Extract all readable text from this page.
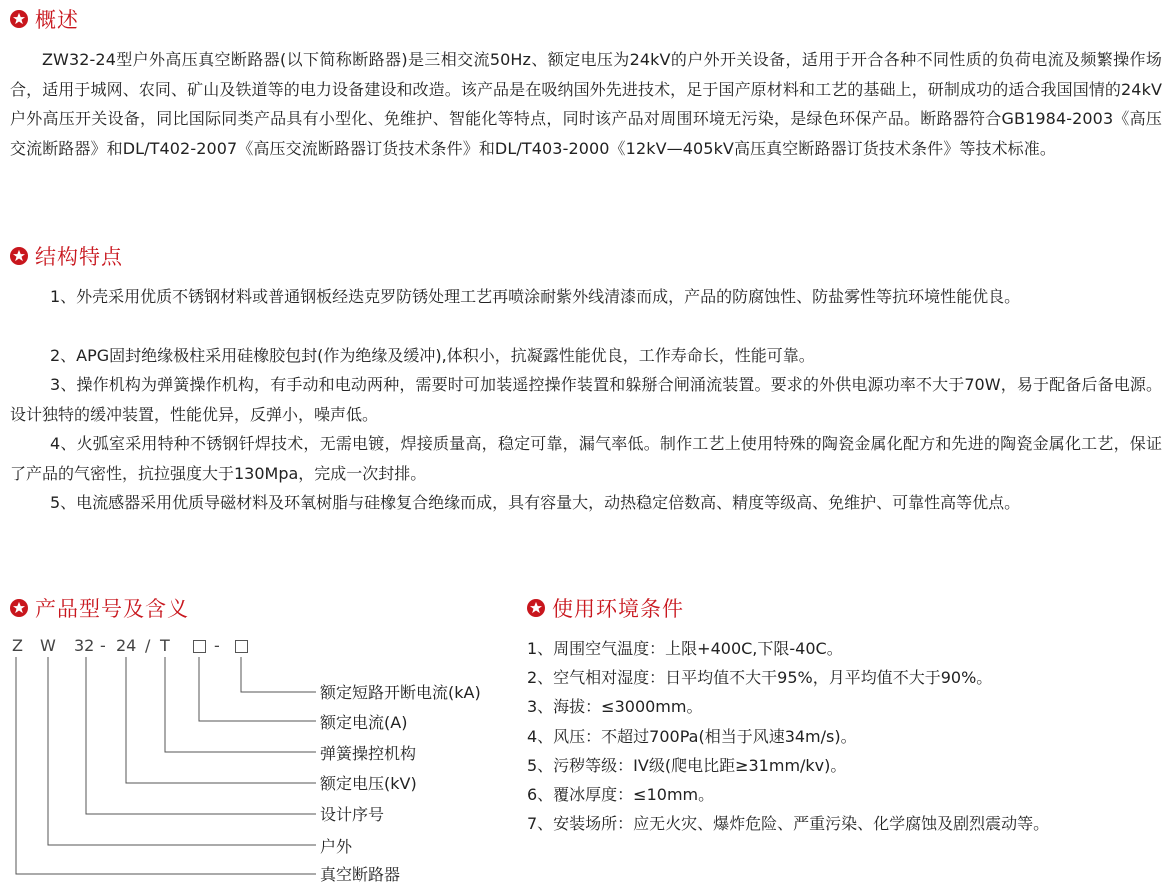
概述

ZW32-24型户外高压真空断路器(以下简称断路器)是三相交流50Hz、额定电压为24kV的户外开关设备，适用于开合各种不同性质的负荷电流及频繁操作场合，适用于城网、农同、矿山及铁道等的电力设备建设和改造。该产品是在吸纳国外先进技术，足于国产原材料和工艺的基础上，研制成功的适合我国国情的24kV户外高压开关设备，同比国际同类产品具有小型化、免维护、智能化等特点，同时该产品对周围环境无污染，是绿色环保产品。断路器符合GB1984-2003《高压交流断路器》和DL/T402-2007《高压交流断路器订货技术条件》和DL/T403-2000《12kV—405kV高压真空断路器订货技术条件》等技术标准。

结构特点

1、外壳采用优质不锈钢材料或普通钢板经迭克罗防锈处理工艺再喷涂耐紫外线清漆而成，产品的防腐蚀性、防盐雾性等抗环境性能优良。

2、APG固封绝缘极柱采用硅橡胶包封(作为绝缘及缓冲),体积小，抗凝露性能优良，工作寿命长，性能可靠。

3、操作机构为弹簧操作机构，有手动和电动两种，需要时可加装遥控操作装置和躲掰合闸涌流装置。要求的外供电源功率不大于70W，易于配备后备电源。设计独特的缓冲装置，性能优异，反弹小，噪声低。

4、火弧室采用特种不锈钢钎焊技术，无需电镀，焊接质量高，稳定可靠，漏气率低。制作工艺上使用特殊的陶瓷金属化配方和先进的陶瓷金属化工艺，保证了产品的气密性，抗拉强度大于130Mpa，完成一次封排。

5、电流感器采用优质导磁材料及环氧树脂与硅橡复合绝缘而成，具有容量大，动热稳定倍数高、精度等级高、免维护、可靠性高等优点。

产品型号及含义
Z W 32 - 24 / T	-
额定短路开断电流(kA)
额定电流(A)
弹簧操控机构
额定电压(kV)
设计序号
户外
真空断路器
使用环境条件
1、周围空气温度：上限+400C,下限-40C。
2、空气相对湿度：日平均值不大干95%，月平均值不大于90%。
3、海拔：≤3000mm。
4、风压：不超过700Pa(相当于风速34m/s)。
5、污秽等级：IV级(爬电比距≥31mm/kv)。
6、覆冰厚度：≤10mm。
7、安装场所：应无火灾、爆炸危险、严重污染、化学腐蚀及剧烈震动等。
